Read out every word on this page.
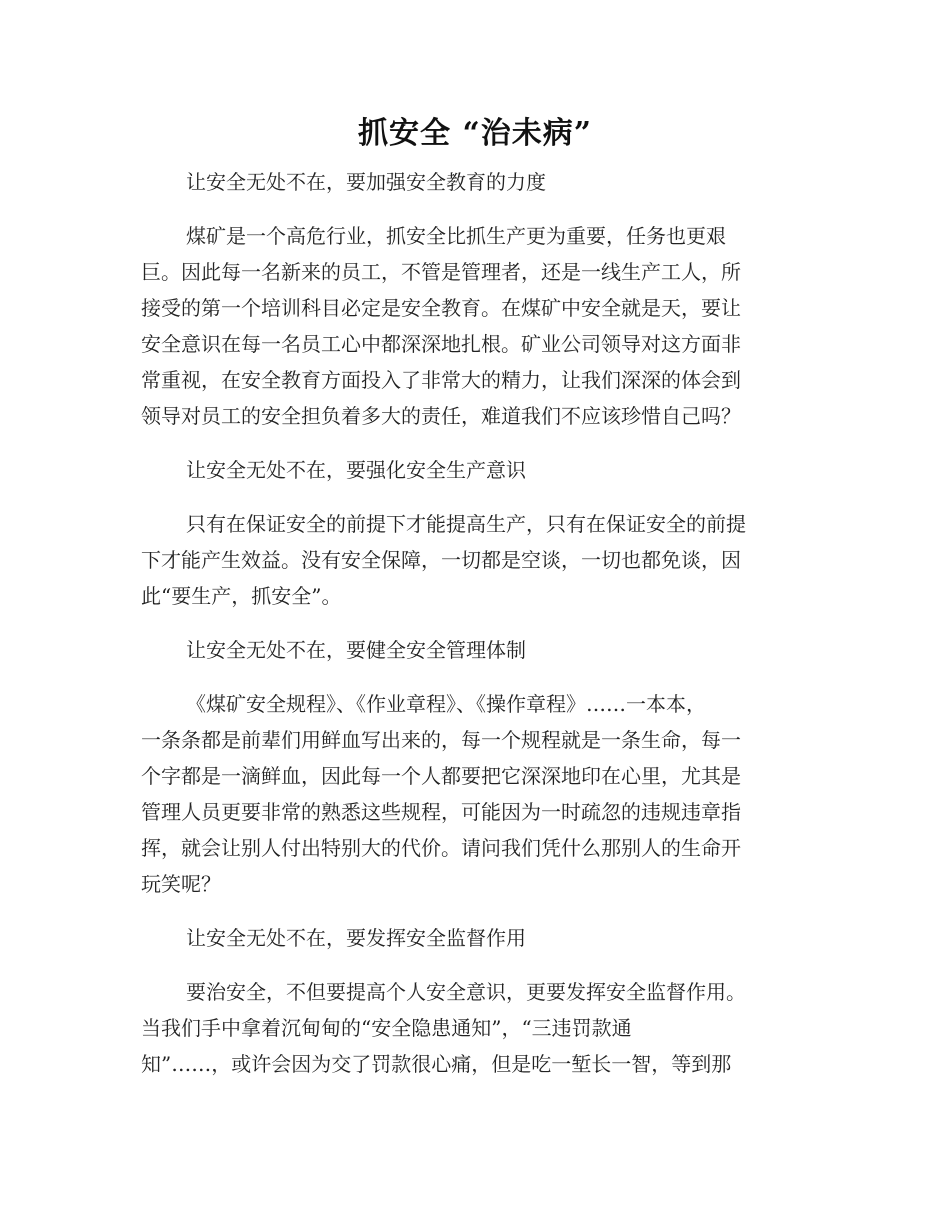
抓安全 “治未病”
让安全无处不在，要加强安全教育的力度
煤矿是一个高危行业，抓安全比抓生产更为重要，任务也更艰
巨。因此每一名新来的员工，不管是管理者，还是一线生产工人，所
接受的第一个培训科目必定是安全教育。在煤矿中安全就是天，要让
安全意识在每一名员工心中都深深地扎根。矿业公司领导对这方面非
常重视，在安全教育方面投入了非常大的精力，让我们深深的体会到
领导对员工的安全担负着多大的责任，难道我们不应该珍惜自己吗？
让安全无处不在，要强化安全生产意识
只有在保证安全的前提下才能提高生产，只有在保证安全的前提
下才能产生效益。没有安全保障，一切都是空谈，一切也都免谈，因
此“要生产，抓安全”。
让安全无处不在，要健全安全管理体制
《煤矿安全规程》、《作业章程》、《操作章程》……一本本，
一条条都是前辈们用鲜血写出来的，每一个规程就是一条生命，每一
个字都是一滴鲜血，因此每一个人都要把它深深地印在心里，尤其是
管理人员更要非常的熟悉这些规程，可能因为一时疏忽的违规违章指
挥，就会让别人付出特别大的代价。请问我们凭什么那别人的生命开
玩笑呢？
让安全无处不在，要发挥安全监督作用
要治安全，不但要提高个人安全意识，更要发挥安全监督作用。
当我们手中拿着沉甸甸的“安全隐患通知”，“三违罚款通
知”……，或许会因为交了罚款很心痛，但是吃一堑长一智，等到那
